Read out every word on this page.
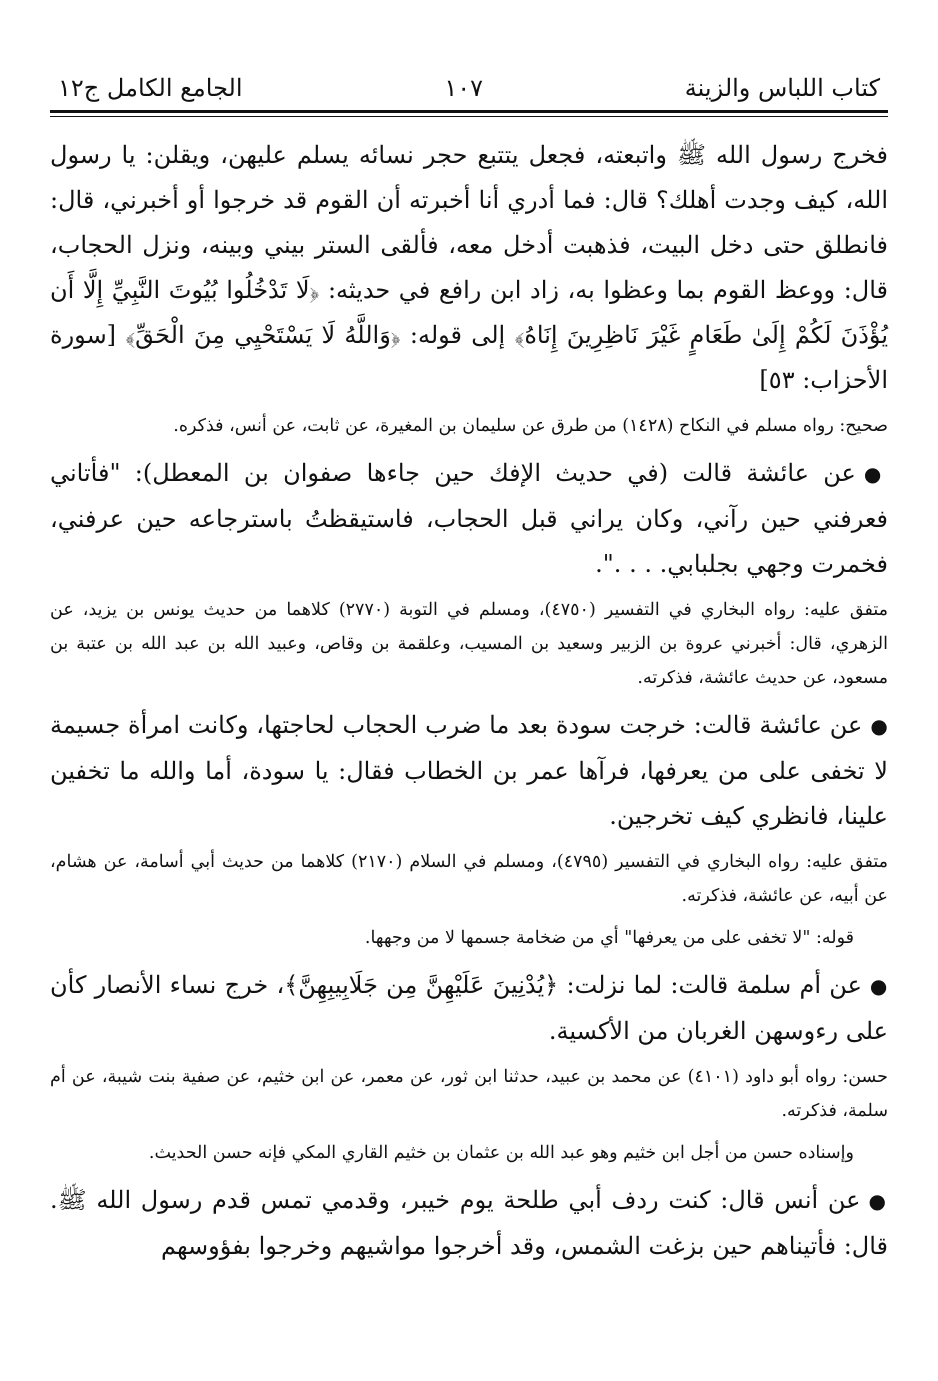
كتاب اللباس والزينة
١٠٧
الجامع الكامل ج١٢

فخرج رسول الله ﷺ واتبعته، فجعل يتتبع حجر نسائه يسلم عليهن، ويقلن: يا رسول الله، كيف وجدت أهلك؟ قال: فما أدري أنا أخبرته أن القوم قد خرجوا أو أخبرني، قال: فانطلق حتى دخل البيت، فذهبت أدخل معه، فألقى الستر بيني وبينه، ونزل الحجاب، قال: ووعظ القوم بما وعظوا به، زاد ابن رافع في حديثه: ﴿لَا تَدْخُلُوا بُيُوتَ النَّبِيِّ إِلَّا أَن يُؤْذَنَ لَكُمْ إِلَىٰ طَعَامٍ غَيْرَ نَاظِرِينَ إِنَاهُ﴾ إلى قوله: ﴿وَاللَّهُ لَا يَسْتَحْيِي مِنَ الْحَقِّ﴾ [سورة الأحزاب: ٥٣]

صحيح: رواه مسلم في النكاح (١٤٢٨) من طرق عن سليمان بن المغيرة، عن ثابت، عن أنس، فذكره.

●عن عائشة قالت (في حديث الإفك حين جاءها صفوان بن المعطل): "فأتاني فعرفني حين رآني، وكان يراني قبل الحجاب، فاستيقظتُ باسترجاعه حين عرفني، فخمرت وجهي بجلبابي. . . .".

متفق عليه: رواه البخاري في التفسير (٤٧٥٠)، ومسلم في التوبة (٢٧٧٠) كلاهما من حديث يونس بن يزيد، عن الزهري، قال: أخبرني عروة بن الزبير وسعيد بن المسيب، وعلقمة بن وقاص، وعبيد الله بن عبد الله بن عتبة بن مسعود، عن حديث عائشة، فذكرته.

●عن عائشة قالت: خرجت سودة بعد ما ضرب الحجاب لحاجتها، وكانت امرأة جسيمة لا تخفى على من يعرفها، فرآها عمر بن الخطاب فقال: يا سودة، أما والله ما تخفين علينا، فانظري كيف تخرجين.

متفق عليه: رواه البخاري في التفسير (٤٧٩٥)، ومسلم في السلام (٢١٧٠) كلاهما من حديث أبي أسامة، عن هشام، عن أبيه، عن عائشة، فذكرته.

قوله: "لا تخفى على من يعرفها" أي من ضخامة جسمها لا من وجهها.

●عن أم سلمة قالت: لما نزلت: ﴿يُدْنِينَ عَلَيْهِنَّ مِن جَلَابِيبِهِنَّ﴾، خرج نساء الأنصار كأن على رءوسهن الغربان من الأكسية.

حسن: رواه أبو داود (٤١٠١) عن محمد بن عبيد، حدثنا ابن ثور، عن معمر، عن ابن خثيم، عن صفية بنت شيبة، عن أم سلمة، فذكرته.

وإسناده حسن من أجل ابن خثيم وهو عبد الله بن عثمان بن خثيم القاري المكي فإنه حسن الحديث.

●عن أنس قال: كنت ردف أبي طلحة يوم خيبر، وقدمي تمس قدم رسول الله ﷺ. قال: فأتيناهم حين بزغت الشمس، وقد أخرجوا مواشيهم وخرجوا بفؤوسهم
